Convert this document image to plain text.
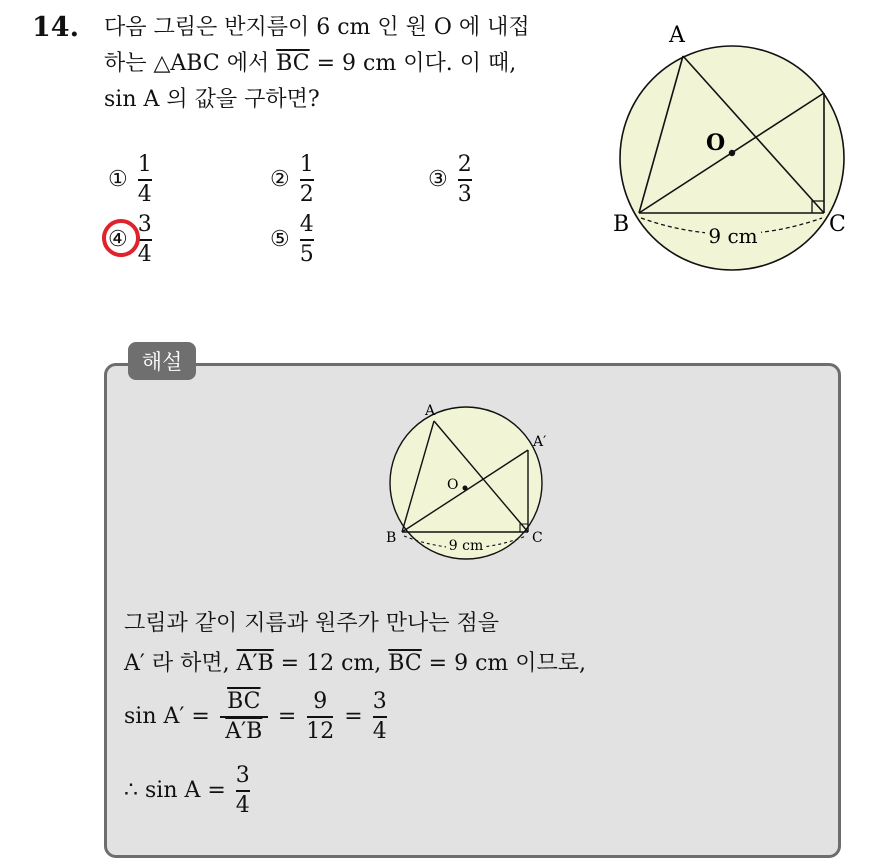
14. 다음 그림은 반지름이 6 cm 인 원 O 에 내접
하는 △ABC 에서 $\overline{BC} = 9$ cm 이다. 이 때,
sin A 의 값을 구하면?
① $\frac{1}{4}$	② $\frac{1}{2}$	③ $\frac{2}{3}$
④ $\frac{3}{4}$	⑤ $\frac{4}{5}$	9 cm
A
O
B	C
해설
9 cm
A
A′
O
B	C
그림과 같이 지름과 원주가 만나는 점을
A′ 라 하면, A′B = 12 cm, $\overline{BC} = 9$ cm 이므로,
$\sin A' = \frac{\overline{BC}}{A'B} = \frac{9}{12} = \frac{3}{4}$
∴ $\sin A = \frac{3}{4}$
